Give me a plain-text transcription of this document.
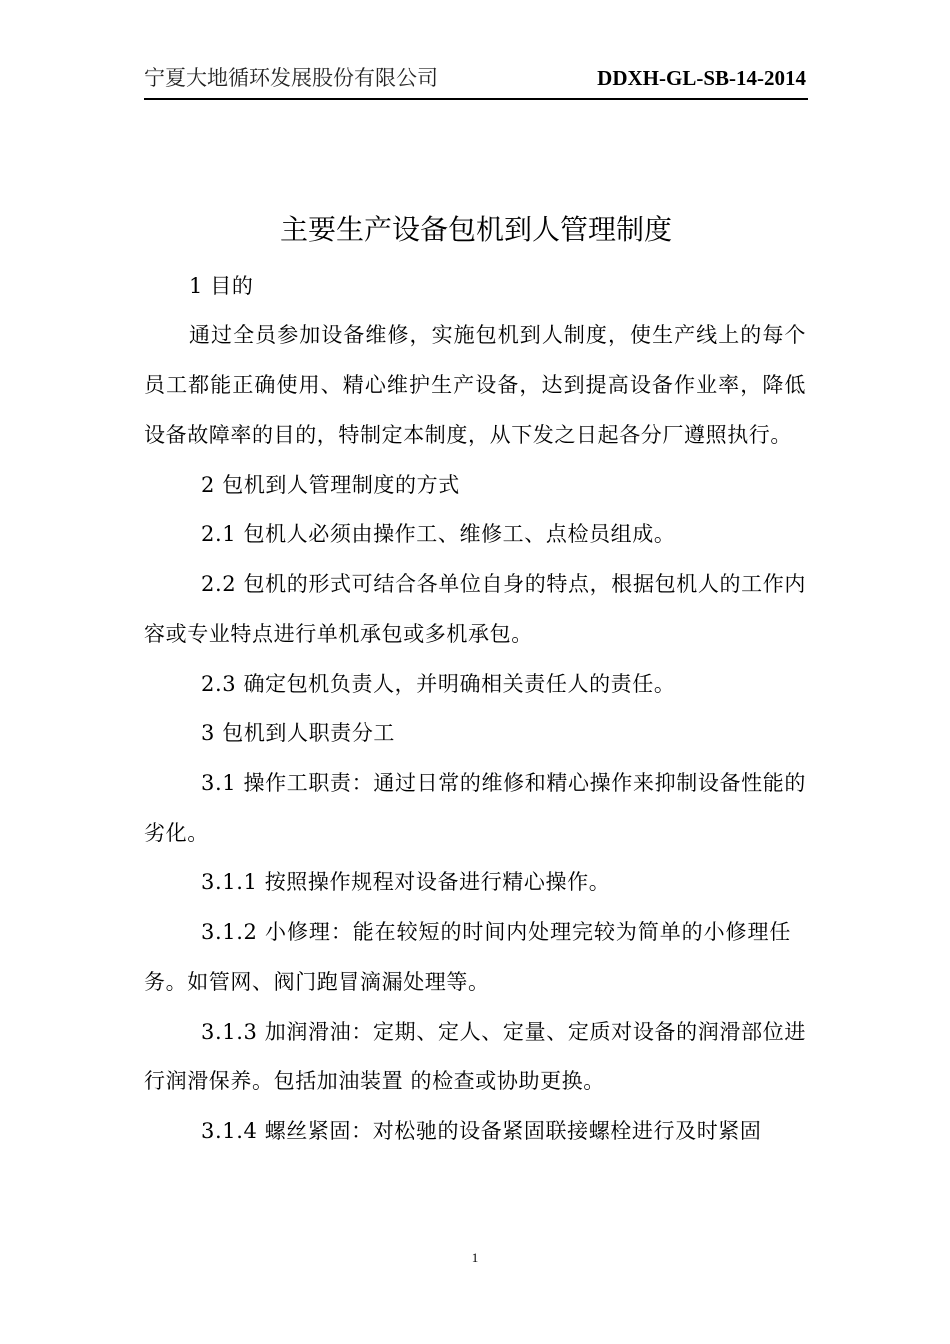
宁夏大地循环发展股份有限公司	DDXH-GL-SB-14-2014
主要生产设备包机到人管理制度
1 目的
通过全员参加设备维修，实施包机到人制度，使生产线上的每个
员工都能正确使用、精心维护生产设备，达到提高设备作业率，降低
设备故障率的目的，特制定本制度，从下发之日起各分厂遵照执行。
2 包机到人管理制度的方式
2.1 包机人必须由操作工、维修工、点检员组成。
2.2 包机的形式可结合各单位自身的特点，根据包机人的工作内
容或专业特点进行单机承包或多机承包。
2.3 确定包机负责人，并明确相关责任人的责任。
3 包机到人职责分工
3.1 操作工职责：通过日常的维修和精心操作来抑制设备性能的
劣化。
3.1.1 按照操作规程对设备进行精心操作。
3.1.2 小修理：能在较短的时间内处理完较为简单的小修理任
务。如管网、阀门跑冒滴漏处理等。
3.1.3 加润滑油：定期、定人、定量、定质对设备的润滑部位进
行润滑保养。包括加油装置 的检查或协助更换。
3.1.4 螺丝紧固：对松驰的设备紧固联接螺栓进行及时紧固
1
